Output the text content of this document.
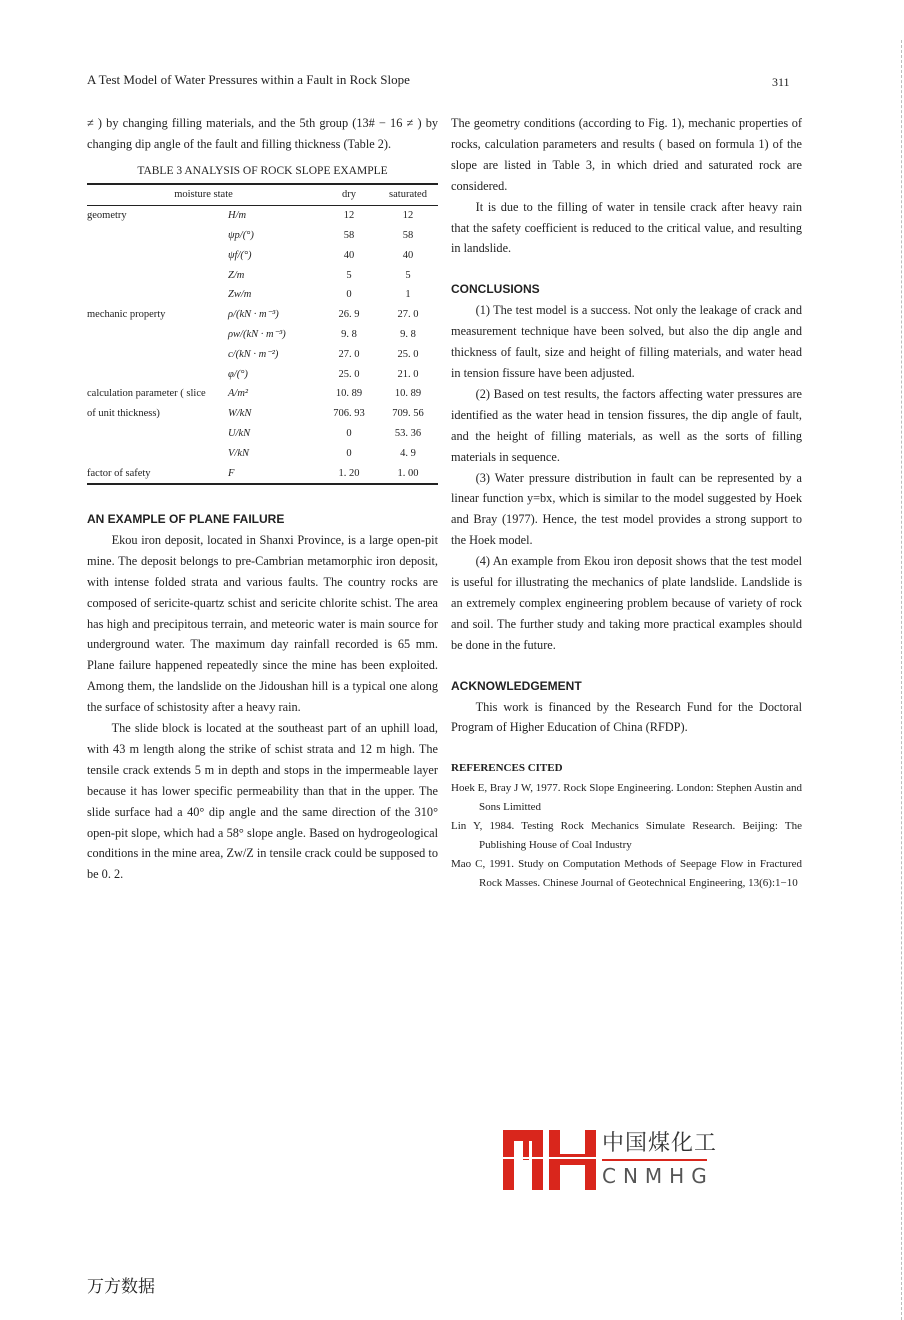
A Test Model of Water Pressures within a Fault in Rock Slope	311

≠ ) by changing filling materials, and the 5th group (13# − 16 ≠ ) by changing dip angle of the fault and filling thickness (Table 2).

TABLE 3 ANALYSIS OF ROCK SLOPE EXAMPLE
moisture state		dry	saturated
geometry	H/m	12	12
	ψp/(°)	58	58
	ψf/(°)	40	40
	Z/m	5	5
	Zw/m	0	1
mechanic property	ρ/(kN · m⁻³)	26. 9	27. 0
	ρw/(kN · m⁻³)	9. 8	9. 8
	c/(kN · m⁻²)	27. 0	25. 0
	φ/(°)	25. 0	21. 0
calculation parameter ( slice	A/m²	10. 89	10. 89
of unit thickness)	W/kN	706. 93	709. 56
	U/kN	0	53. 36
	V/kN	0	4. 9
factor of safety	F	1. 20	1. 00

AN EXAMPLE OF PLANE FAILURE

Ekou iron deposit, located in Shanxi Province, is a large open-pit mine. The deposit belongs to pre-Cambrian metamorphic iron deposit, with intense folded strata and various faults. The country rocks are composed of sericite-quartz schist and sericite chlorite schist. The area has high and precipitous terrain, and meteoric water is main source for underground water. The maximum day rainfall recorded is 65 mm. Plane failure happened repeatedly since the mine has been exploited. Among them, the landslide on the Jidoushan hill is a typical one along the surface of schistosity after a heavy rain.

The slide block is located at the southeast part of an uphill load, with 43 m length along the strike of schist strata and 12 m high. The tensile crack extends 5 m in depth and stops in the impermeable layer because it has lower specific permeability than that in the upper. The slide surface had a 40° dip angle and the same direction of the 310° open-pit slope, which had a 58° slope angle. Based on hydrogeological conditions in the mine area, Zw/Z in tensile crack could be supposed to be 0. 2.

The geometry conditions (according to Fig. 1), mechanic properties of rocks, calculation parameters and results ( based on formula 1) of the slope are listed in Table 3, in which dried and saturated rock are considered.

It is due to the filling of water in tensile crack after heavy rain that the safety coefficient is reduced to the critical value, and resulting in landslide.

CONCLUSIONS

(1) The test model is a success. Not only the leakage of crack and measurement technique have been solved, but also the dip angle and thickness of fault, size and height of filling materials, and water head in tension fissure have been adjusted.

(2) Based on test results, the factors affecting water pressures are identified as the water head in tension fissures, the dip angle of fault, and the height of filling materials, as well as the sorts of filling materials in sequence.

(3) Water pressure distribution in fault can be represented by a linear function y=bx, which is similar to the model suggested by Hoek and Bray (1977). Hence, the test model provides a strong support to the Hoek model.

(4) An example from Ekou iron deposit shows that the test model is useful for illustrating the mechanics of plate landslide. Landslide is an extremely complex engineering problem because of variety of rock and soil. The further study and taking more practical examples should be done in the future.

ACKNOWLEDGEMENT

This work is financed by the Research Fund for the Doctoral Program of Higher Education of China (RFDP).

REFERENCES CITED

Hoek E, Bray J W, 1977. Rock Slope Engineering. London: Stephen Austin and Sons Limitted

Lin Y, 1984. Testing Rock Mechanics Simulate Research. Beijing: The Publishing House of Coal Industry

Mao C, 1991. Study on Computation Methods of Seepage Flow in Fractured Rock Masses. Chinese Journal of Geotechnical Engineering, 13(6):1−10

中国煤化工
CNMHG
万方数据
